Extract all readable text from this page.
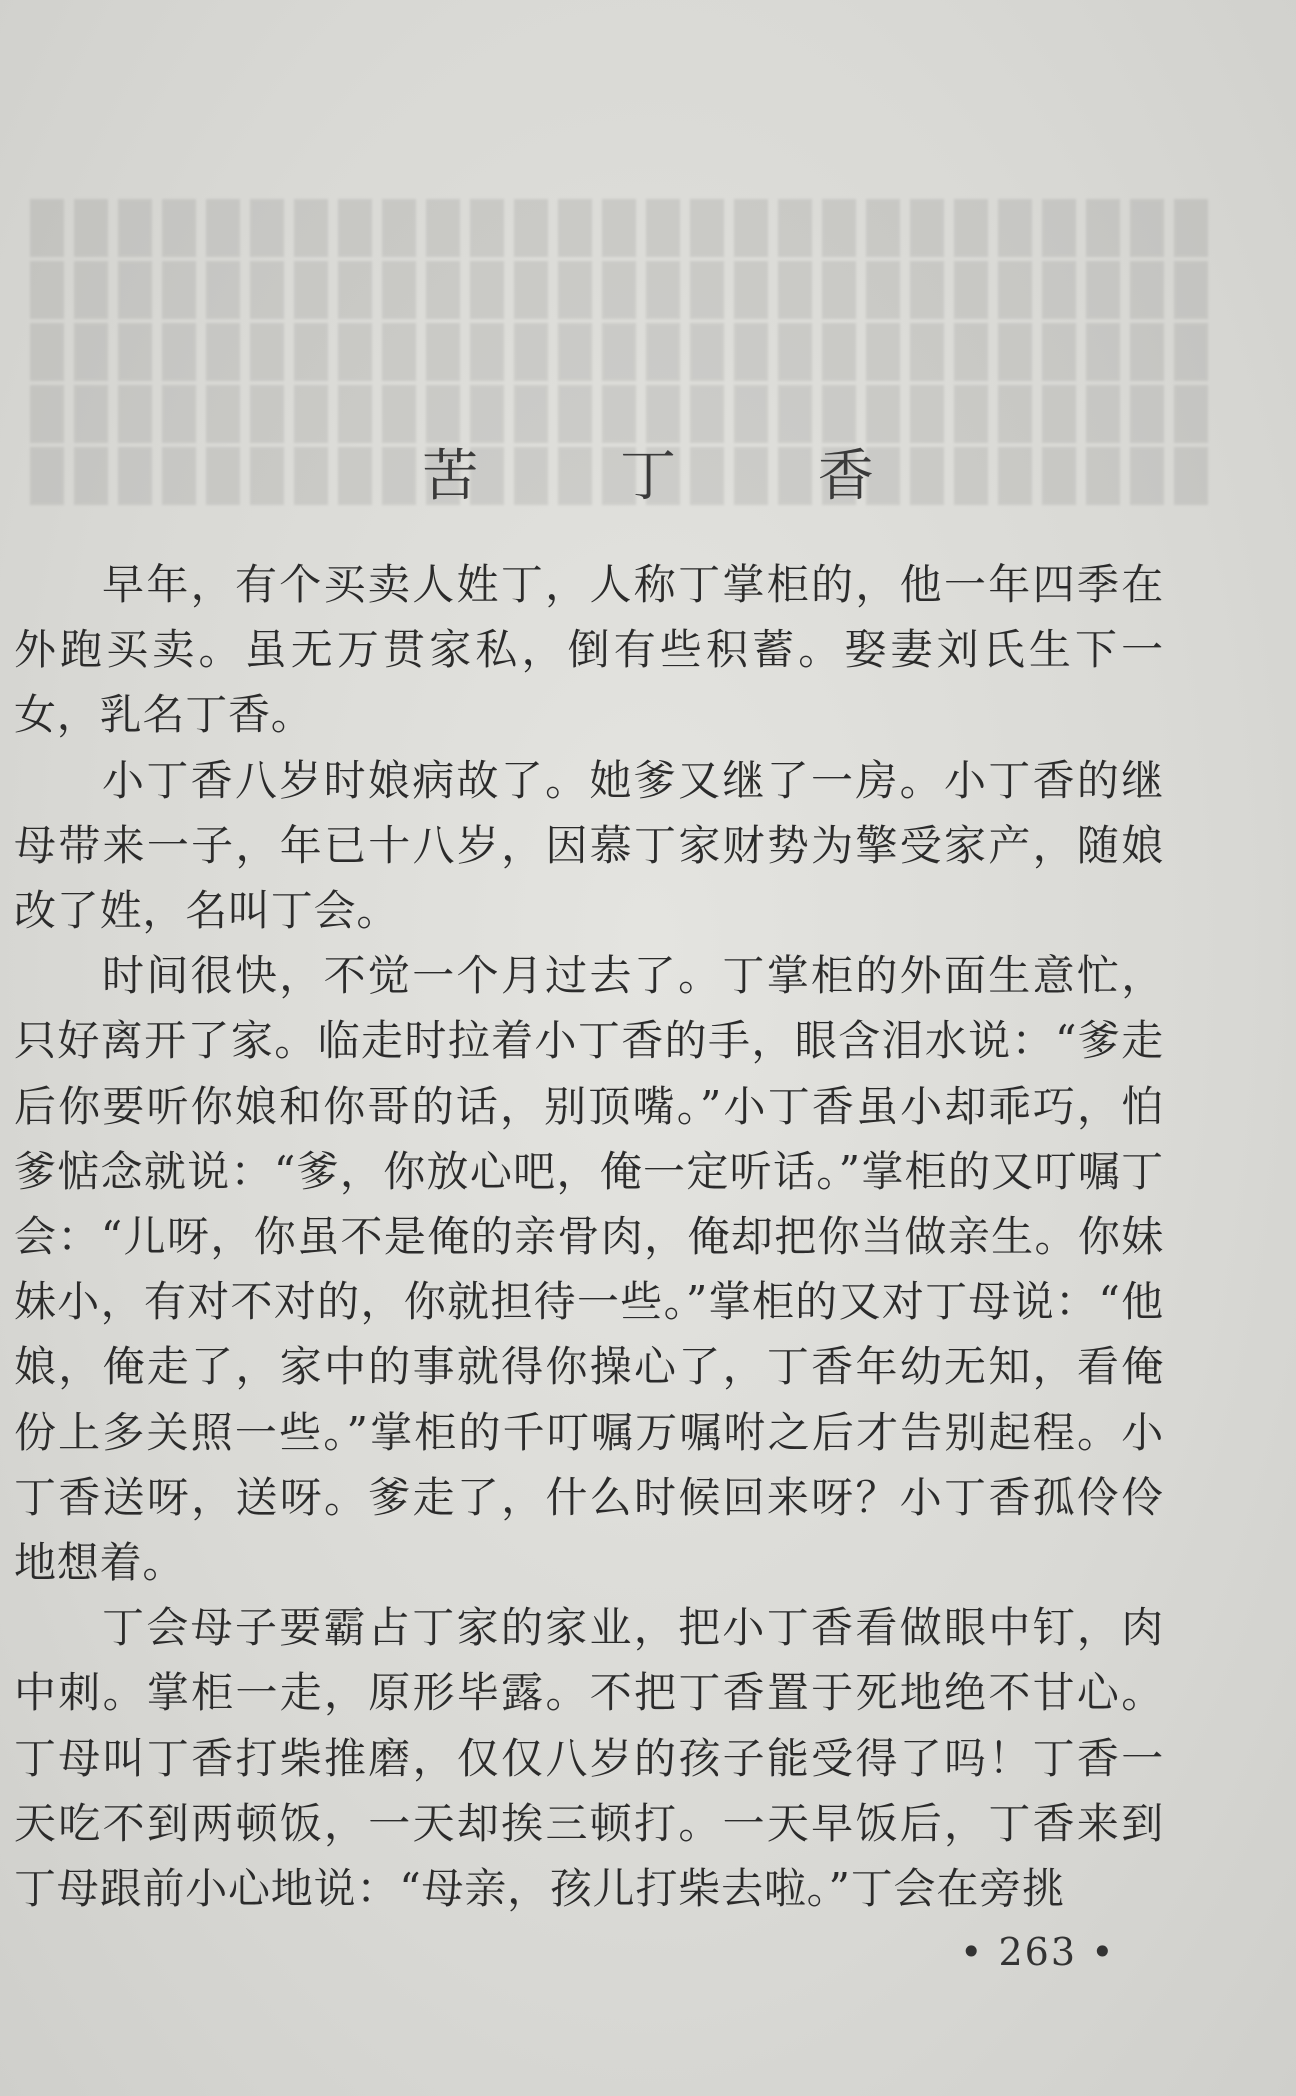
苦 丁 香

早年，有个买卖人姓丁，人称丁掌柜的，他一年四季在外跑买卖。虽无万贯家私，倒有些积蓄。娶妻刘氏生下一女，乳名丁香。

小丁香八岁时娘病故了。她爹又继了一房。小丁香的继母带来一子，年已十八岁，因慕丁家财势为擎受家产，随娘改了姓，名叫丁会。

时间很快，不觉一个月过去了。丁掌柜的外面生意忙，只好离开了家。临走时拉着小丁香的手，眼含泪水说：“爹走后你要听你娘和你哥的话，别顶嘴。”小丁香虽小却乖巧，怕爹惦念就说：“爹，你放心吧，俺一定听话。”掌柜的又叮嘱丁会：“儿呀，你虽不是俺的亲骨肉，俺却把你当做亲生。你妹妹小，有对不对的，你就担待一些。”掌柜的又对丁母说：“他娘，俺走了，家中的事就得你操心了，丁香年幼无知，看俺份上多关照一些。”掌柜的千叮嘱万嘱咐之后才告别起程。小丁香送呀，送呀。爹走了，什么时候回来呀？小丁香孤伶伶地想着。

丁会母子要霸占丁家的家业，把小丁香看做眼中钉，肉中刺。掌柜一走，原形毕露。不把丁香置于死地绝不甘心。丁母叫丁香打柴推磨，仅仅八岁的孩子能受得了吗！丁香一天吃不到两顿饭，一天却挨三顿打。一天早饭后，丁香来到丁母跟前小心地说：“母亲，孩儿打柴去啦。”丁会在旁挑

• 263 •
